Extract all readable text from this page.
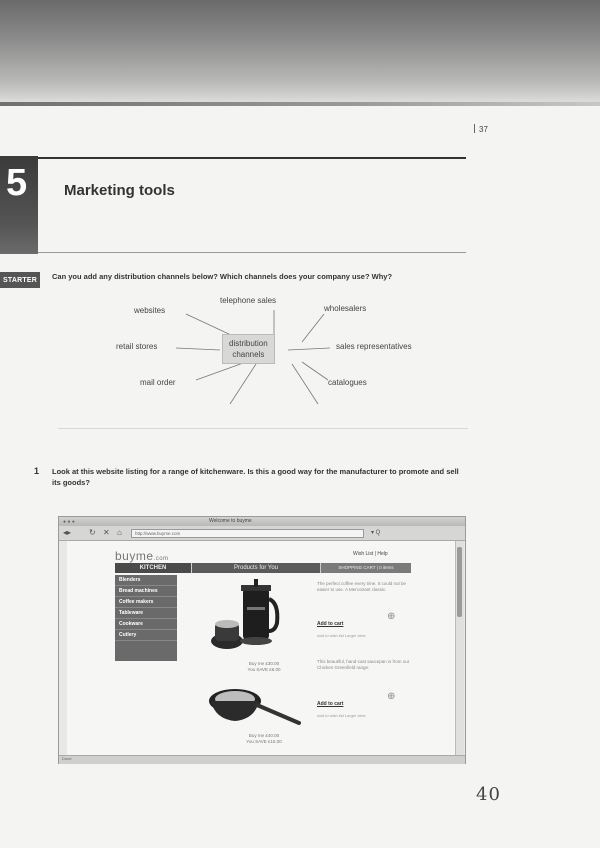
37
5 Marketing tools
STARTER	Can you add any distribution channels below? Which channels does your company use? Why?
telephone sales
websites	wholesalers
retail stores	distribution
channels
sales representatives
mail order	catalogues
1 Look at this website listing for a range of kitchenware. Is this a good way for the manufacturer to promote and sell its goods?
● ● ●	Welcome to buyme
◂▸ ↻ ✕ ⌂	http://www.buyme.com	▾ Q
buyme.com
Wish List | Help
KITCHEN	Products for You	SHOPPING CART | 0 items
Blenders
Bread machines
Coffee makers
Tableware
Cookware
Cutlery
Buy me £30.00
You SAVE £6.00
Buy me £40.00
You SAVE £15.00
The perfect coffee every time. It could not be easier to use. A Mercotrant classic.
Add to cart
⊕
Add to wish list Larger view
This beautiful, hand-cast saucepan is from our Chicken Greenfield range.
Add to cart
⊕
Add to wish list Larger view
Done
40
